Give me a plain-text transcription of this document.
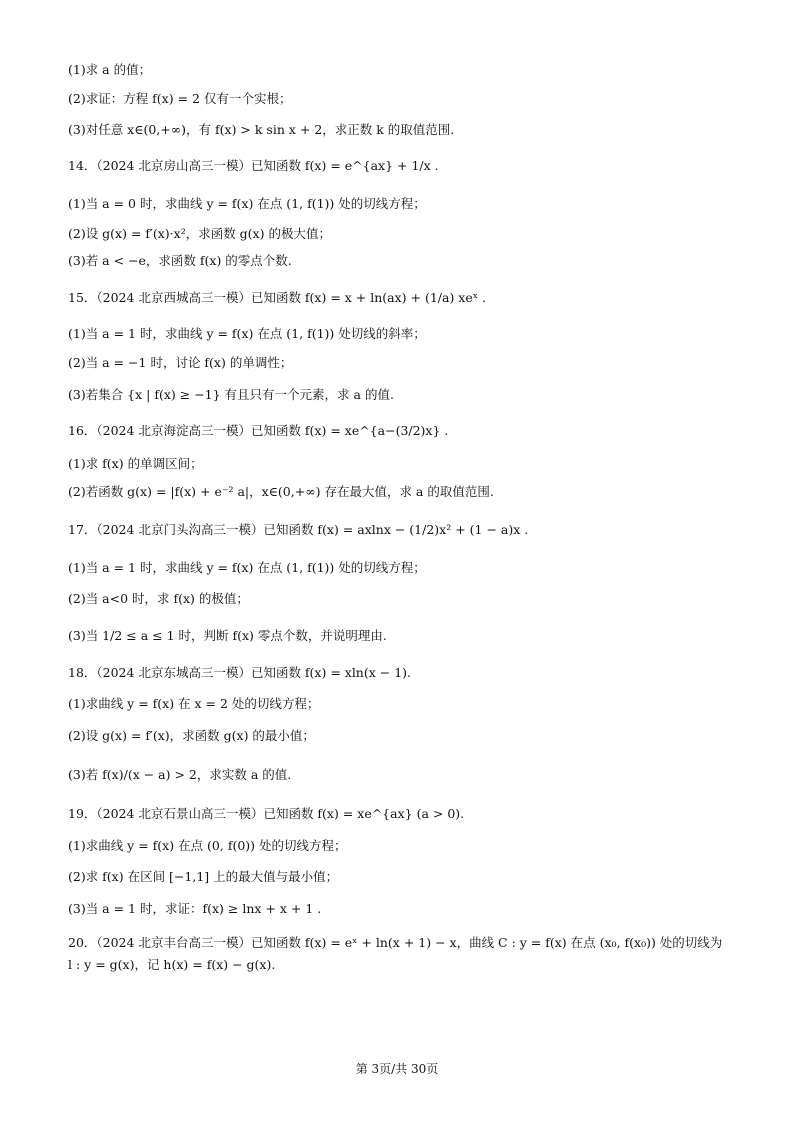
(1)求 a 的值；
(2)求证：方程 f(x) = 2 仅有一个实根；
(3)对任意 x∈(0,+∞)，有 f(x) > k sin x + 2，求正数 k 的取值范围.
14．（2024 北京房山高三一模）已知函数 f(x) = e^{ax} + 1/x .
(1)当 a = 0 时，求曲线 y = f(x) 在点 (1, f(1)) 处的切线方程；
(2)设 g(x) = f′(x)·x²，求函数 g(x) 的极大值；
(3)若 a < −e，求函数 f(x) 的零点个数.
15．（2024 北京西城高三一模）已知函数 f(x) = x + ln(ax) + (1/a) xeˣ .
(1)当 a = 1 时，求曲线 y = f(x) 在点 (1, f(1)) 处切线的斜率；
(2)当 a = −1 时，讨论 f(x) 的单调性；
(3)若集合 {x | f(x) ≥ −1} 有且只有一个元素，求 a 的值.
16．（2024 北京海淀高三一模）已知函数 f(x) = xe^{a−(3/2)x} .
(1)求 f(x) 的单调区间；
(2)若函数 g(x) = |f(x) + e⁻² a|，x∈(0,+∞) 存在最大值，求 a 的取值范围.
17．（2024 北京门头沟高三一模）已知函数 f(x) = axlnx − (1/2)x² + (1 − a)x .
(1)当 a = 1 时，求曲线 y = f(x) 在点 (1, f(1)) 处的切线方程；
(2)当 a<0 时，求 f(x) 的极值；
(3)当 1/2 ≤ a ≤ 1 时，判断 f(x) 零点个数，并说明理由.
18．（2024 北京东城高三一模）已知函数 f(x) = xln(x − 1).
(1)求曲线 y = f(x) 在 x = 2 处的切线方程；
(2)设 g(x) = f′(x)，求函数 g(x) 的最小值；
(3)若 f(x)/(x − a) > 2，求实数 a 的值.
19．（2024 北京石景山高三一模）已知函数 f(x) = xe^{ax} (a > 0).
(1)求曲线 y = f(x) 在点 (0, f(0)) 处的切线方程；
(2)求 f(x) 在区间 [−1,1] 上的最大值与最小值；
(3)当 a = 1 时，求证：f(x) ≥ lnx + x + 1 .
20．（2024 北京丰台高三一模）已知函数 f(x) = eˣ + ln(x + 1) − x，曲线 C : y = f(x) 在点 (x₀, f(x₀)) 处的切线为 l : y = g(x)，记 h(x) = f(x) − g(x).
第 3页/共 30页
